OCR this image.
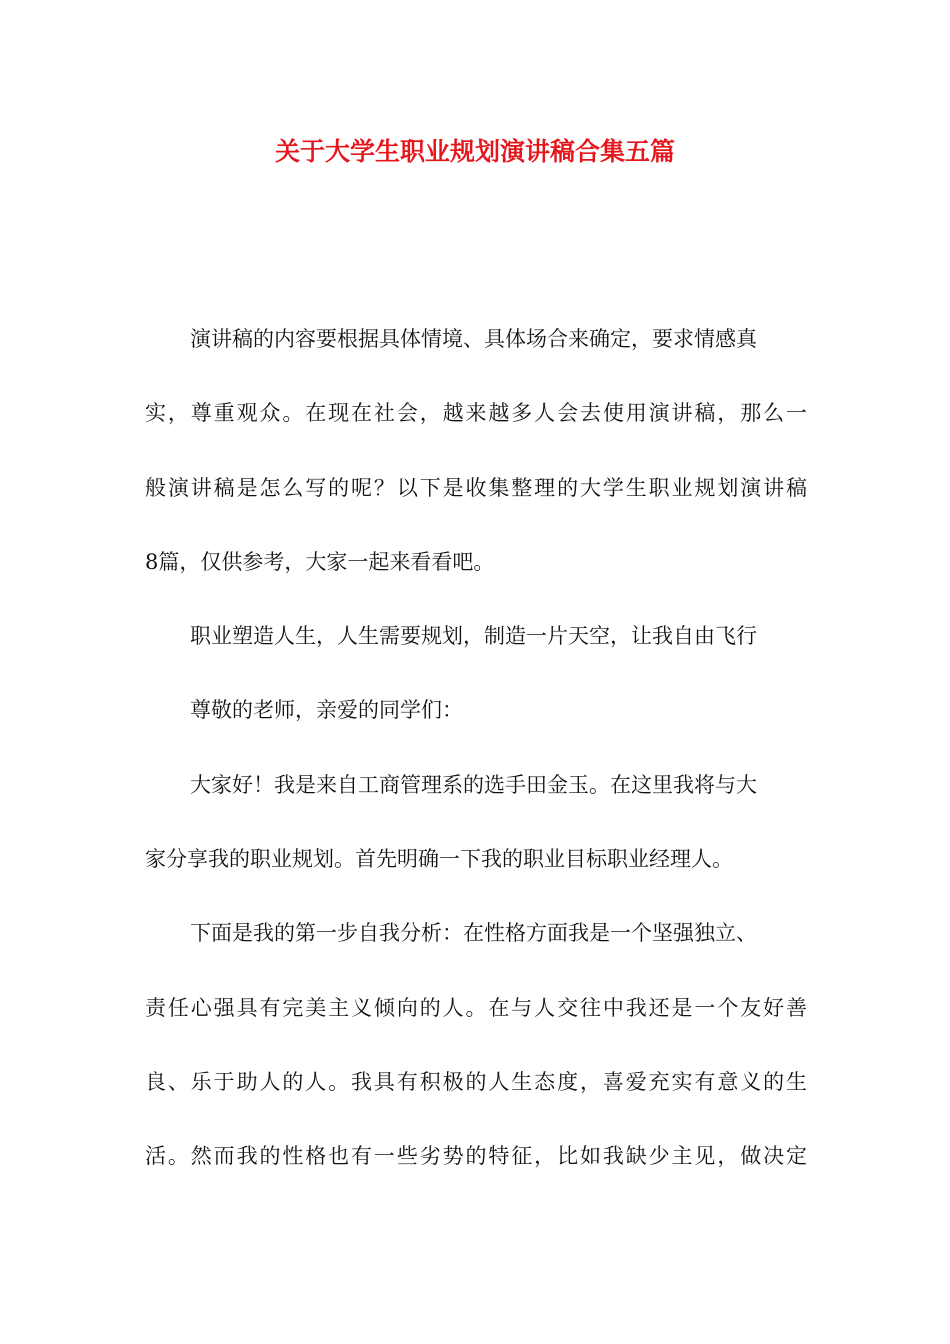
关于大学生职业规划演讲稿合集五篇
演讲稿的内容要根据具体情境、具体场合来确定，要求情感真
实，尊重观众。在现在社会，越来越多人会去使用演讲稿，那么一
般演讲稿是怎么写的呢？以下是收集整理的大学生职业规划演讲稿
8篇，仅供参考，大家一起来看看吧。
职业塑造人生，人生需要规划，制造一片天空，让我自由飞行
尊敬的老师，亲爱的同学们：
大家好！我是来自工商管理系的选手田金玉。在这里我将与大
家分享我的职业规划。首先明确一下我的职业目标职业经理人。
下面是我的第一步自我分析：在性格方面我是一个坚强独立、
责任心强具有完美主义倾向的人。在与人交往中我还是一个友好善
良、乐于助人的人。我具有积极的人生态度，喜爱充实有意义的生
活。然而我的性格也有一些劣势的特征，比如我缺少主见，做决定
